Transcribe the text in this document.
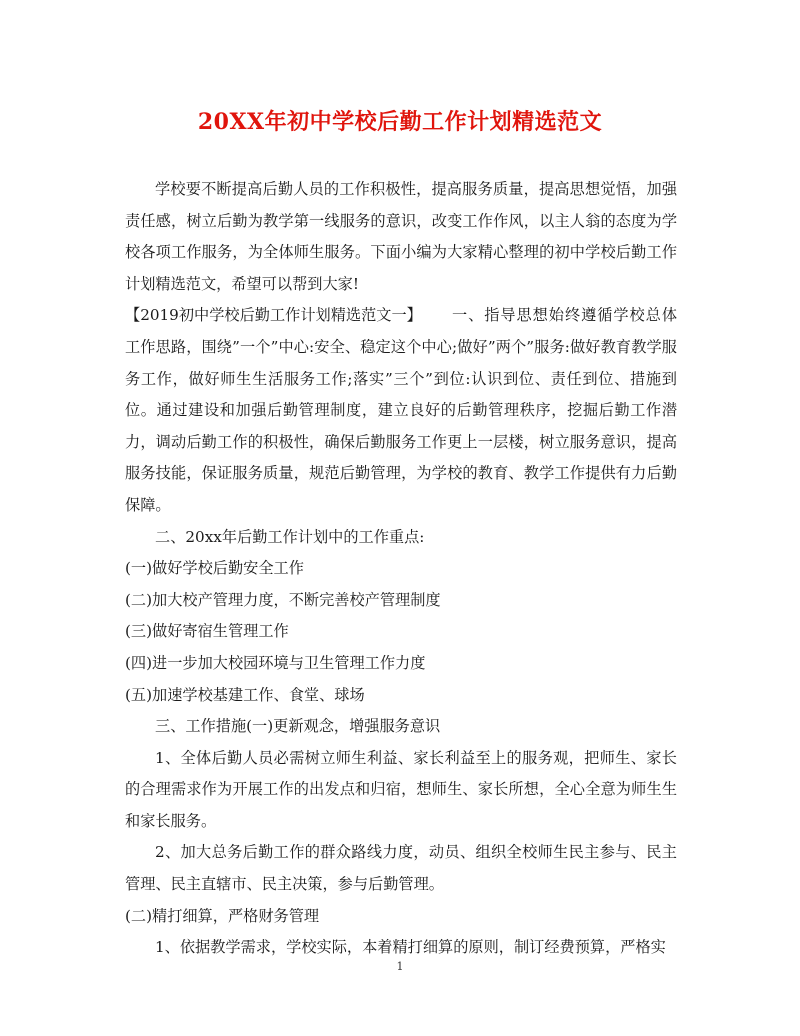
20XX年初中学校后勤工作计划精选范文

学校要不断提高后勤人员的工作积极性，提高服务质量，提高思想觉悟，加强责任感，树立后勤为教学第一线服务的意识，改变工作作风，以主人翁的态度为学校各项工作服务，为全体师生服务。下面小编为大家精心整理的初中学校后勤工作计划精选范文，希望可以帮到大家!

【2019初中学校后勤工作计划精选范文一】 一、指导思想始终遵循学校总体工作思路，围绕”一个”中心:安全、稳定这个中心;做好”两个”服务:做好教育教学服务工作，做好师生生活服务工作;落实”三个”到位:认识到位、责任到位、措施到位。通过建设和加强后勤管理制度，建立良好的后勤管理秩序，挖掘后勤工作潜力，调动后勤工作的积极性，确保后勤服务工作更上一层楼，树立服务意识，提高服务技能，保证服务质量，规范后勤管理，为学校的教育、教学工作提供有力后勤保障。

二、20xx年后勤工作计划中的工作重点:

(一)做好学校后勤安全工作

(二)加大校产管理力度，不断完善校产管理制度

(三)做好寄宿生管理工作

(四)进一步加大校园环境与卫生管理工作力度

(五)加速学校基建工作、食堂、球场

三、工作措施(一)更新观念，增强服务意识

1、全体后勤人员必需树立师生利益、家长利益至上的服务观，把师生、家长的合理需求作为开展工作的出发点和归宿，想师生、家长所想，全心全意为师生生和家长服务。

2、加大总务后勤工作的群众路线力度，动员、组织全校师生民主参与、民主管理、民主直辖市、民主决策，参与后勤管理。

(二)精打细算，严格财务管理

1、依据教学需求，学校实际，本着精打细算的原则，制订经费预算，严格实

1
